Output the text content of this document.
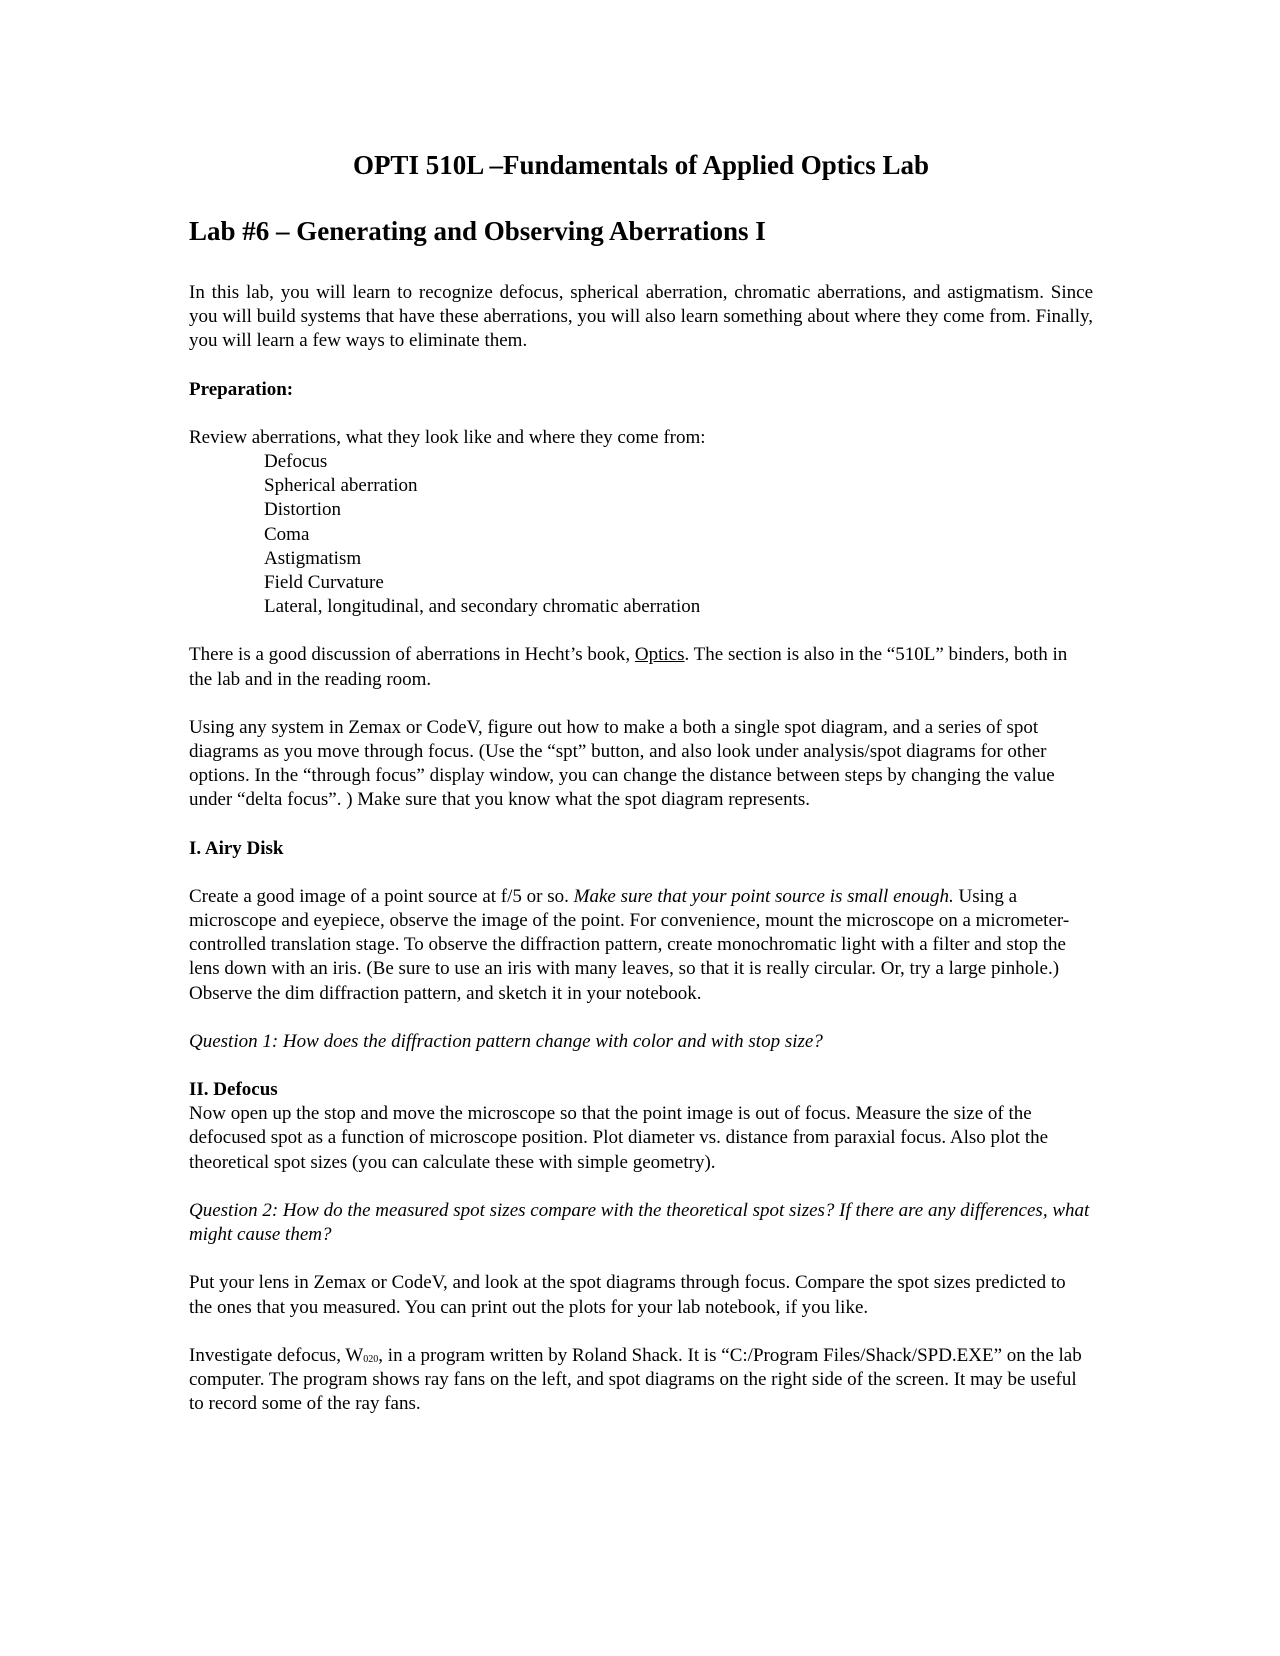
OPTI 510L –Fundamentals of Applied Optics Lab
Lab #6 – Generating and Observing Aberrations I

In this lab, you will learn to recognize defocus, spherical aberration, chromatic aberrations, and astigmatism. Since you will build systems that have these aberrations, you will also learn something about where they come from. Finally, you will learn a few ways to eliminate them.

Preparation:

Review aberrations, what they look like and where they come from:

Defocus
Spherical aberration
Distortion
Coma
Astigmatism
Field Curvature
Lateral, longitudinal, and secondary chromatic aberration

There is a good discussion of aberrations in Hecht’s book, Optics. The section is also in the “510L” binders, both in the lab and in the reading room.

Using any system in Zemax or CodeV, figure out how to make a both a single spot diagram, and a series of spot diagrams as you move through focus. (Use the “spt” button, and also look under analysis/spot diagrams for other options. In the “through focus” display window, you can change the distance between steps by changing the value under “delta focus”. ) Make sure that you know what the spot diagram represents.

I. Airy Disk

Create a good image of a point source at f/5 or so. Make sure that your point source is small enough. Using a microscope and eyepiece, observe the image of the point. For convenience, mount the microscope on a micrometer-controlled translation stage. To observe the diffraction pattern, create monochromatic light with a filter and stop the lens down with an iris. (Be sure to use an iris with many leaves, so that it is really circular. Or, try a large pinhole.) Observe the dim diffraction pattern, and sketch it in your notebook.

Question 1: How does the diffraction pattern change with color and with stop size?

II. Defocus

Now open up the stop and move the microscope so that the point image is out of focus. Measure the size of the defocused spot as a function of microscope position. Plot diameter vs. distance from paraxial focus. Also plot the theoretical spot sizes (you can calculate these with simple geometry).

Question 2: How do the measured spot sizes compare with the theoretical spot sizes? If there are any differences, what might cause them?

Put your lens in Zemax or CodeV, and look at the spot diagrams through focus. Compare the spot sizes predicted to the ones that you measured. You can print out the plots for your lab notebook, if you like.

Investigate defocus, $W_{020}$, in a program written by Roland Shack. It is “C:/Program Files/Shack/SPD.EXE” on the lab computer. The program shows ray fans on the left, and spot diagrams on the right side of the screen. It may be useful to record some of the ray fans.
